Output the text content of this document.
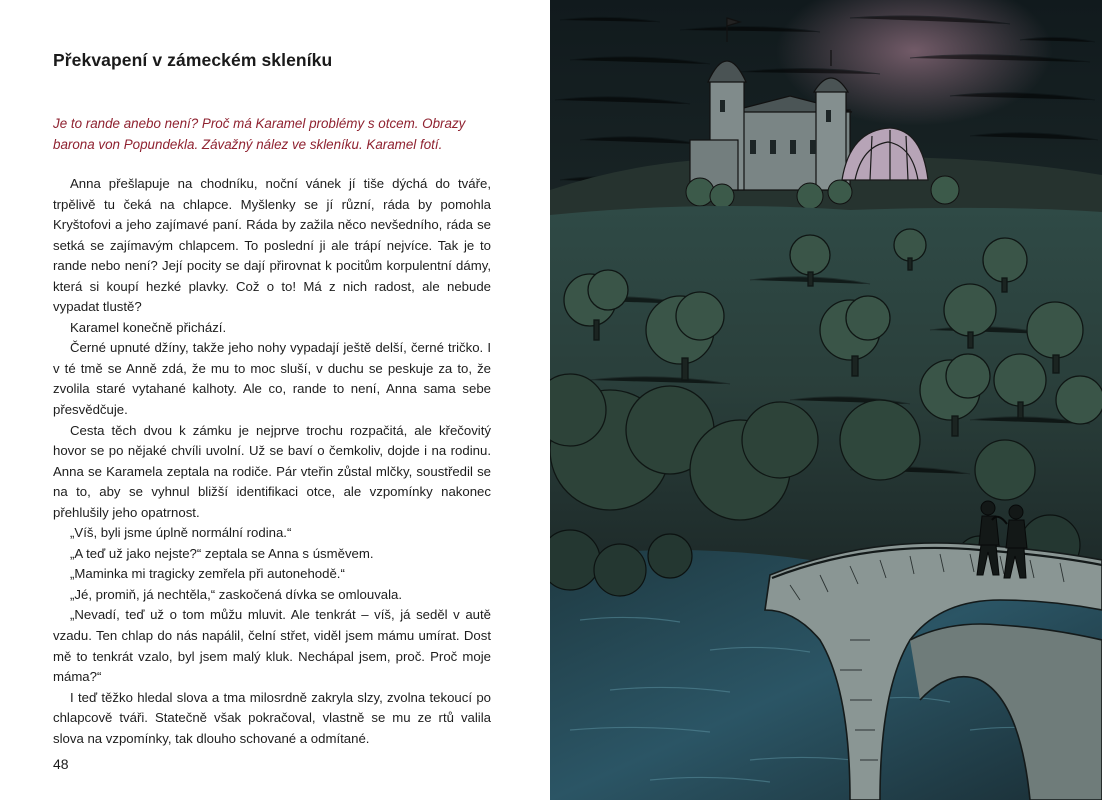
Překvapení v zámeckém skleníku

Je to rande anebo není? Proč má Karamel problémy s otcem. Obrazy barona von Popundekla. Závažný nález ve skleníku. Karamel fotí.

Anna přešlapuje na chodníku, noční vánek jí tiše dýchá do tváře, trpělivě tu čeká na chlapce. Myšlenky se jí různí, ráda by pomohla Kryštofovi a jeho zajímavé paní. Ráda by zažila něco nevšedního, ráda se setká se zajímavým chlapcem. To poslední ji ale trápí nejvíce. Tak je to rande nebo není? Její pocity se dají přirovnat k pocitům korpulentní dámy, která si koupí hezké plavky. Což o to! Má z nich radost, ale nebude vypadat tlustě?

Karamel konečně přichází.

Černé upnuté džíny, takže jeho nohy vypadají ještě delší, černé tričko. I v té tmě se Anně zdá, že mu to moc sluší, v duchu se peskuje za to, že zvolila staré vytahané kalhoty. Ale co, rande to není, Anna sama sebe přesvědčuje.

Cesta těch dvou k zámku je nejprve trochu rozpačitá, ale křečovitý hovor se po nějaké chvíli uvolní. Už se baví o čemkoliv, dojde i na rodinu. Anna se Karamela zeptala na rodiče. Pár vteřin zůstal mlčky, soustředil se na to, aby se vyhnul bližší identifikaci otce, ale vzpomínky nakonec přehlušily jeho opatrnost.

„Víš, byli jsme úplně normální rodina.“

„A teď už jako nejste?“ zeptala se Anna s úsměvem.

„Maminka mi tragicky zemřela při autonehodě.“

„Jé, promiň, já nechtěla,“ zaskočená dívka se omlouvala.

„Nevadí, teď už o tom můžu mluvit. Ale tenkrát – víš, já seděl v autě vzadu. Ten chlap do nás napálil, čelní střet, viděl jsem mámu umírat. Dost mě to tenkrát vzalo, byl jsem malý kluk. Nechápal jsem, proč. Proč moje máma?“

I teď těžko hledal slova a tma milosrdně zakryla slzy, zvolna tekoucí po chlapcově tváři. Statečně však pokračoval, vlastně se mu ze rtů valila slova na vzpomínky, tak dlouho schované a odmítané.

48
